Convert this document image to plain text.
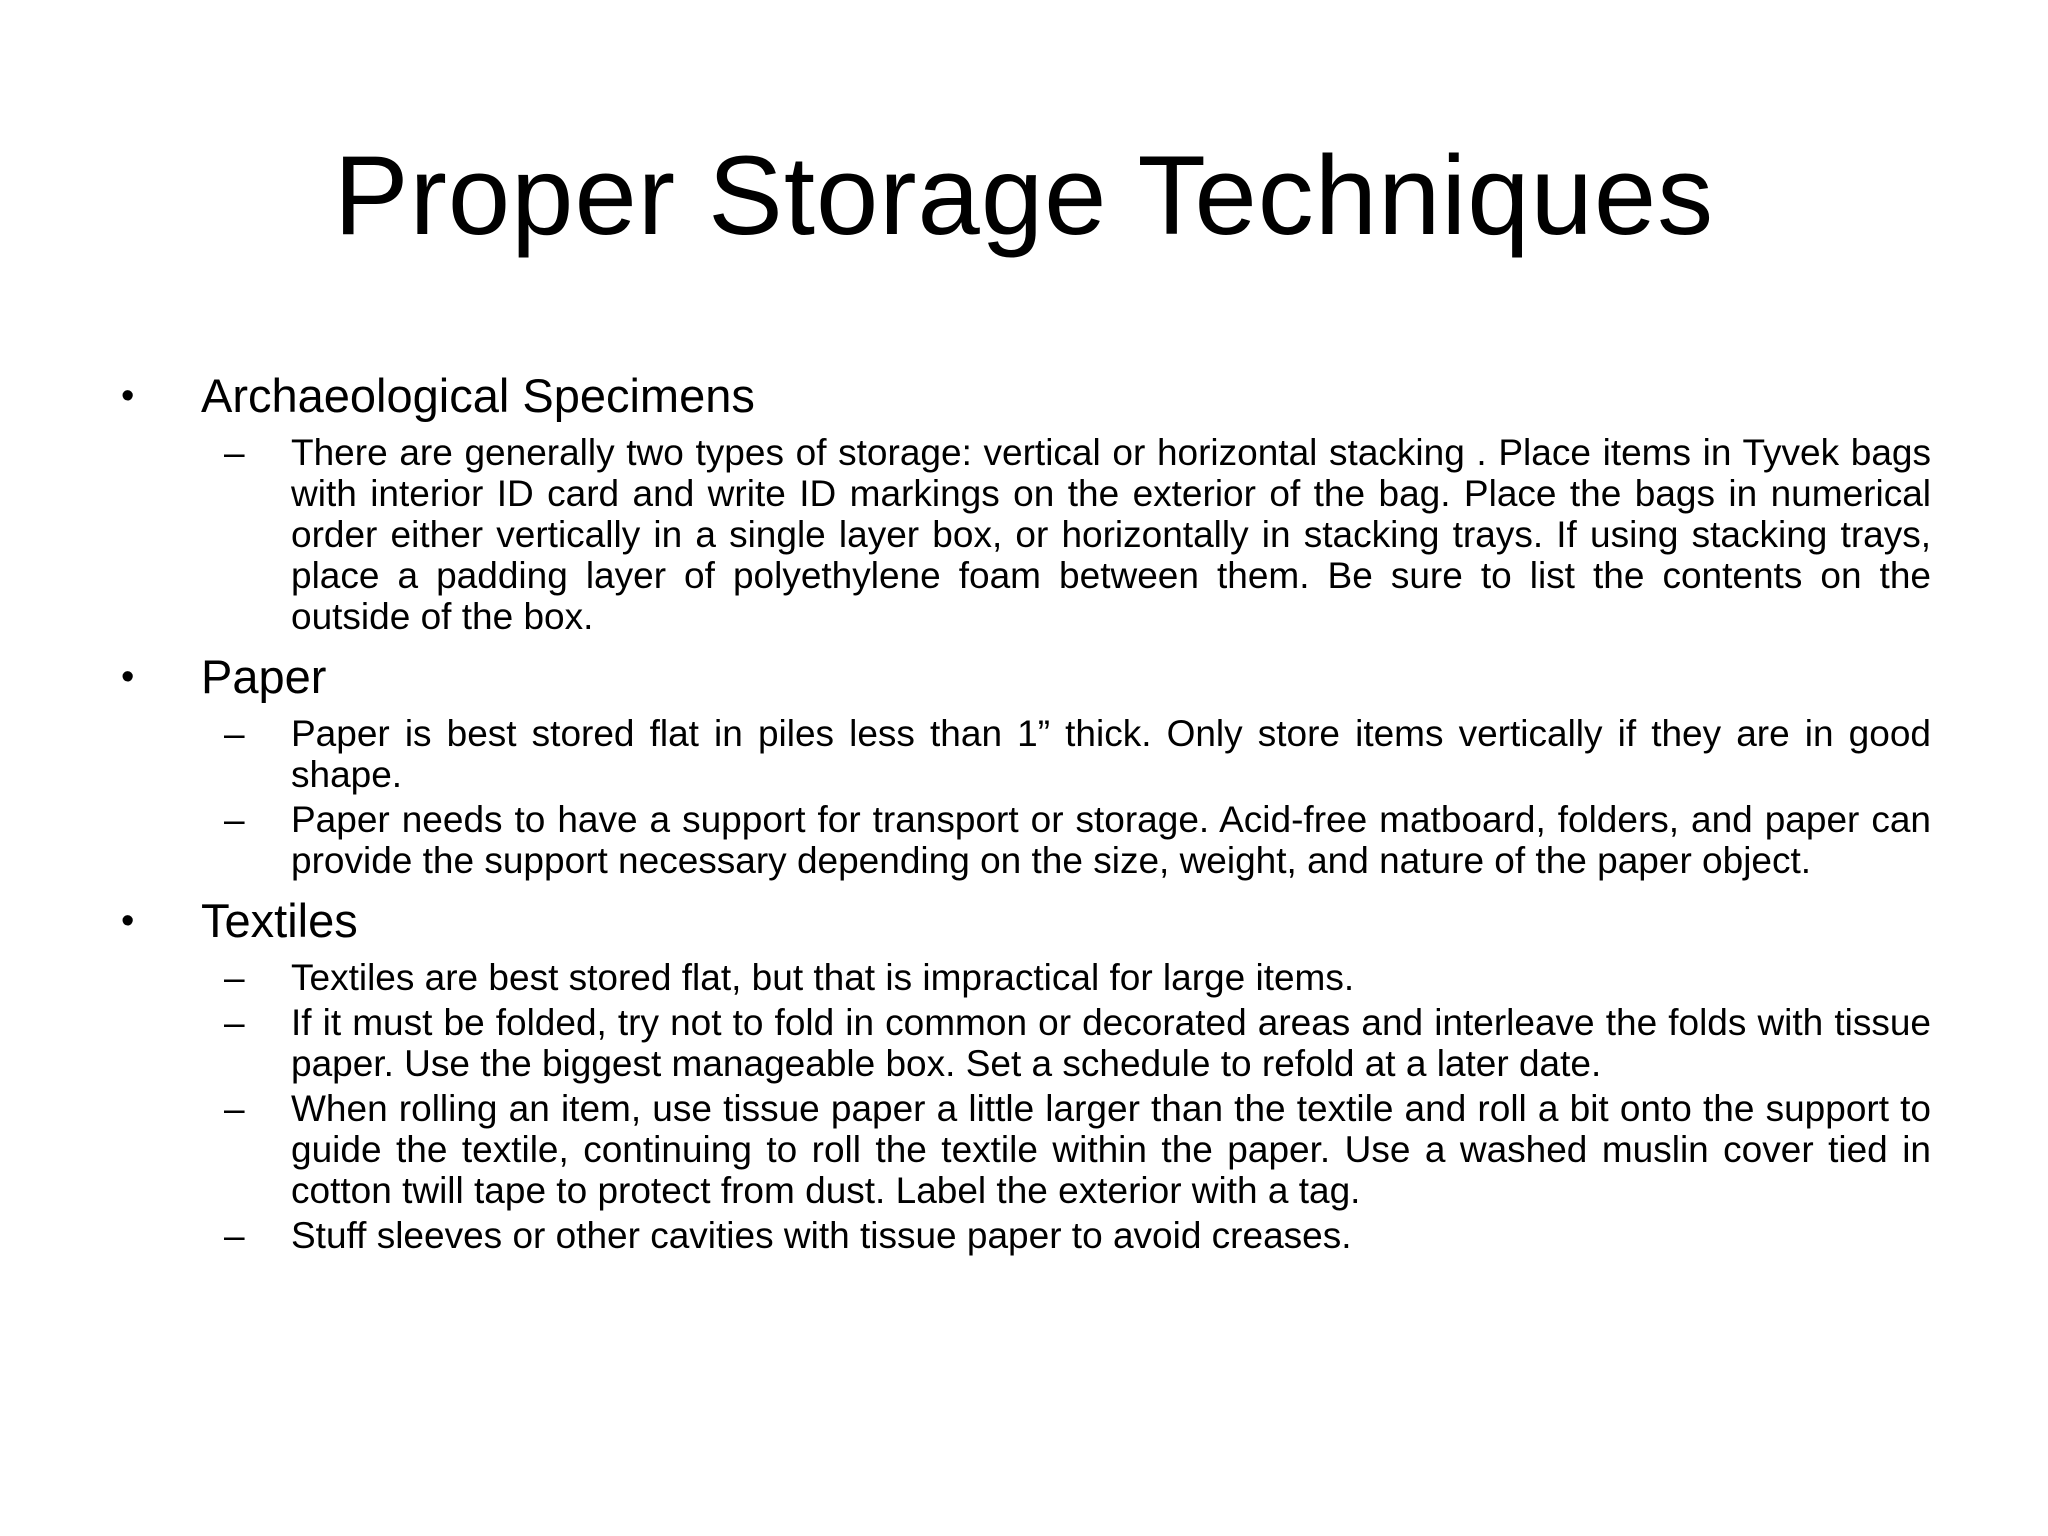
Proper Storage Techniques
• Archaeological Specimens
– There are generally two types of storage: vertical or horizontal stacking . Place items in Tyvek bags with interior ID card and write ID markings on the exterior of the bag. Place the bags in numerical order either vertically in a single layer box, or horizontally in stacking trays. If using stacking trays, place a padding layer of polyethylene foam between them. Be sure to list the contents on the outside of the box.
• Paper
– Paper is best stored flat in piles less than 1” thick. Only store items vertically if they are in good shape.
– Paper needs to have a support for transport or storage. Acid-free matboard, folders, and paper can provide the support necessary depending on the size, weight, and nature of the paper object.
• Textiles
– Textiles are best stored flat, but that is impractical for large items.
– If it must be folded, try not to fold in common or decorated areas and interleave the folds with tissue paper. Use the biggest manageable box. Set a schedule to refold at a later date.
– When rolling an item, use tissue paper a little larger than the textile and roll a bit onto the support to guide the textile, continuing to roll the textile within the paper. Use a washed muslin cover tied in cotton twill tape to protect from dust. Label the exterior with a tag.
– Stuff sleeves or other cavities with tissue paper to avoid creases.
